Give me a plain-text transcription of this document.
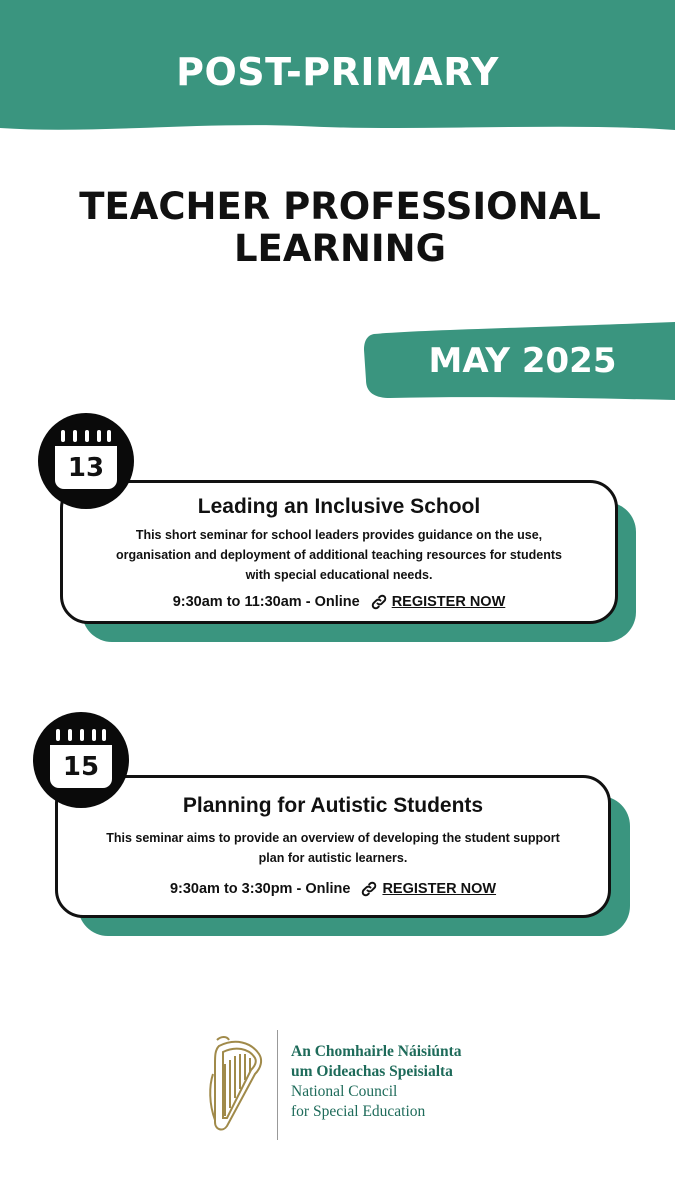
POST-PRIMARY
TEACHER PROFESSIONAL
LEARNING
MAY 2025
Leading an Inclusive School
This short seminar for school leaders provides guidance on the use,
organisation and deployment of additional teaching resources for students
with special educational needs.
9:30am to 11:30am - Online REGISTER NOW
13
Planning for Autistic Students
This seminar aims to provide an overview of developing the student support
plan for autistic learners.
9:30am to 3:30pm - Online REGISTER NOW
15
An Chomhairle Náisiúnta
um Oideachas Speisialta
National Council
for Special Education
